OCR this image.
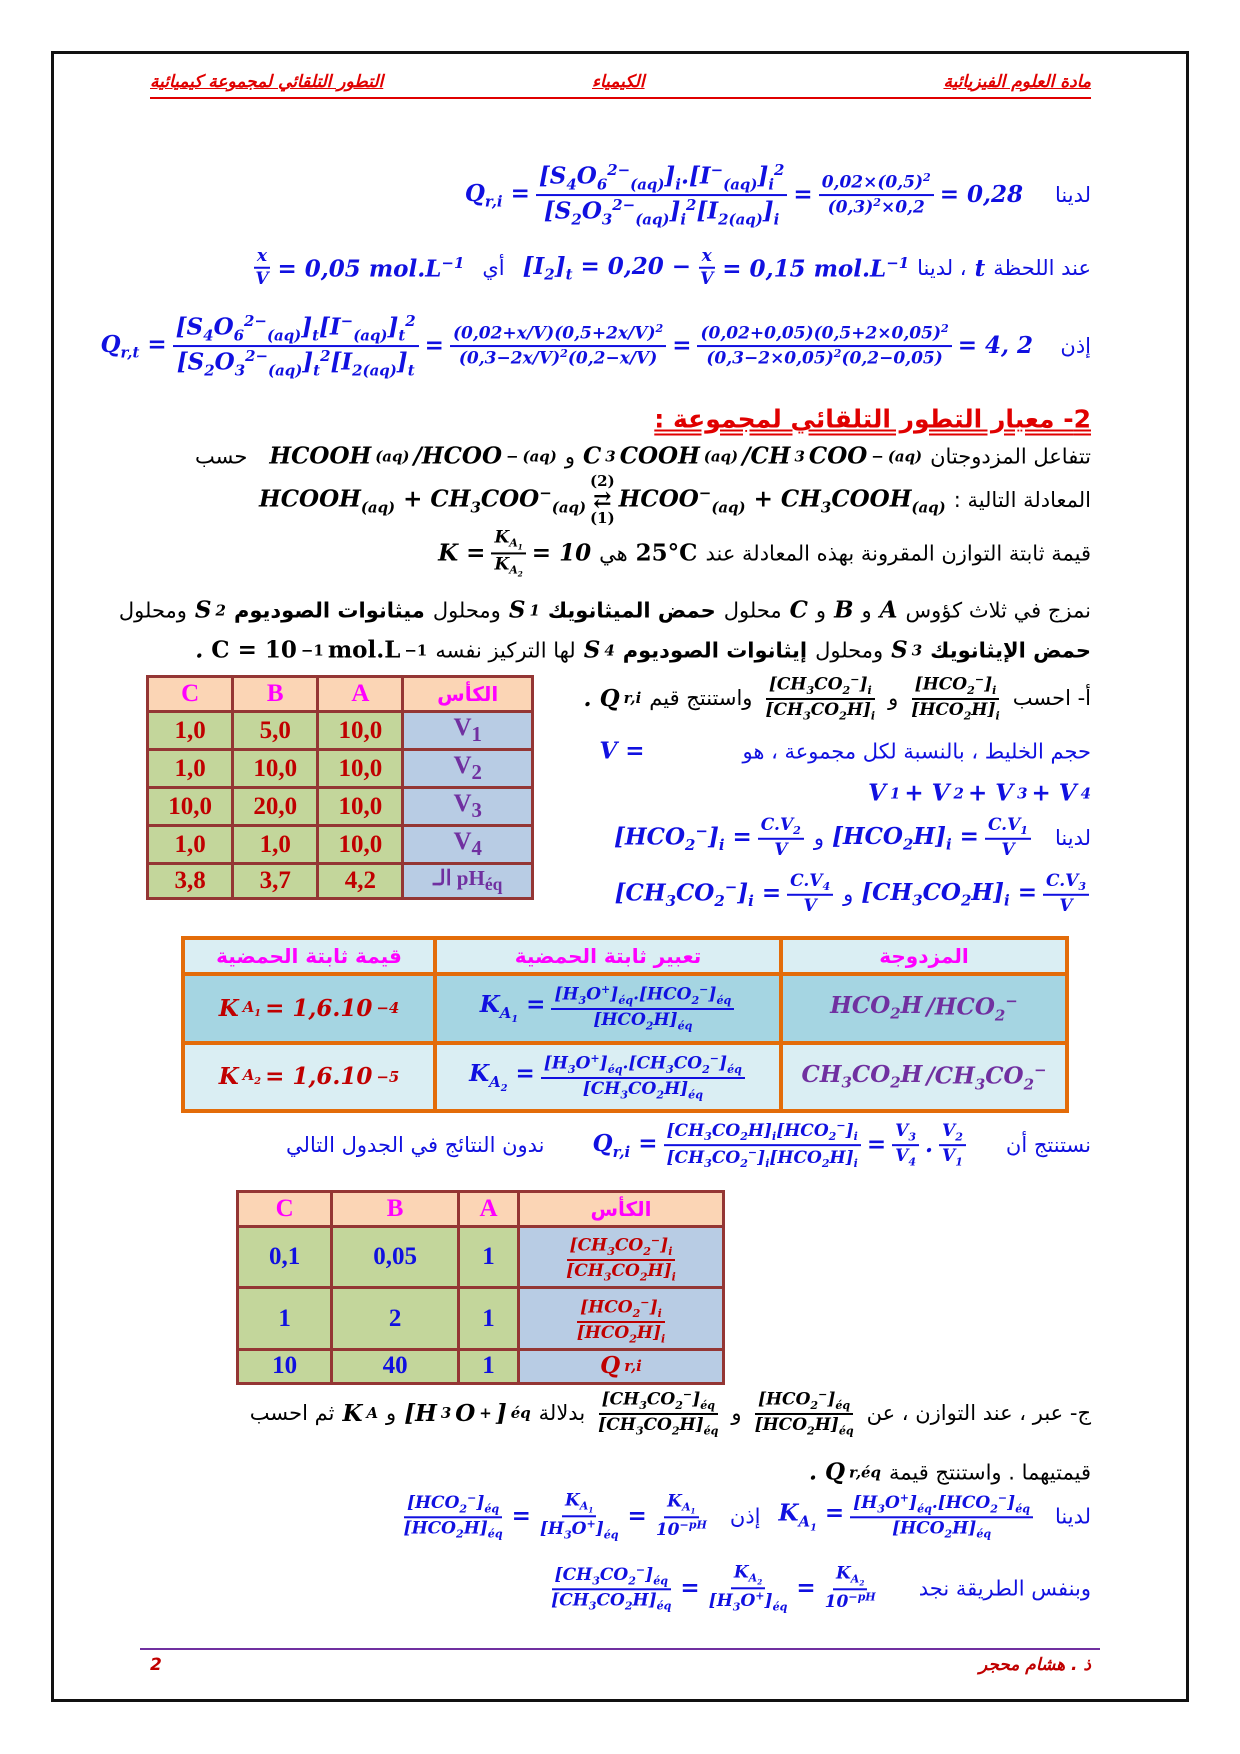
مادة العلوم الفيزيائية
الكيمياء
التطور التلقائي لمجموعة كيميائية
لدينا
$Q_{r,i} = \frac{[S_4O_6^{2-}_{(aq)}]_i.[I^-_{(aq)}]_i^2}{[S_2O_3^{2-}_{(aq)}]_i^2[I_{2(aq)}]_i} = \frac{0,02\times(0,5)^2}{(0,3)^2\times 0,2} = 0,28$
عند اللحظة
t
، لدينا
$[I_2]_t = 0,20 - \frac{x}{V} = 0,15$ $mol.L^{-1}$
أي
$\frac{x}{V} = 0,05$ $mol.L^{-1}$
إذن
$Q_{r,t} = \frac{[S_4O_6^{2-}_{(aq)}]_t[I^-_{(aq)}]_t^2}{[S_2O_3^{2-}_{(aq)}]_t^2[I_{2(aq)}]_t} = \frac{(0,02+x/V)(0,5+2x/V)^2}{(0,3-2x/V)^2(0,2-x/V)} = \frac{(0,02+0,05)(0,5+2\times 0,05)^2}{(0,3-2\times 0,05)^2(0,2-0,05)} = 4$, 2
2- معيار التطور التلقائي لمجموعة :
تتفاعل المزدوجتان
C 3 COOH (aq) /CH 3 COO − (aq)
و
HCOOH (aq) /HCOO − (aq)
حسب
المعادلة التالية :
$HCOOH_{(aq)} + CH_3COO^-_{(aq)}$
(2)
⇄
(1)
$HCOO^-_{(aq)}$ + $CH_3COOH_{(aq)}$
قيمة ثابتة التوازن المقرونة بهذه المعادلة عند
25°C
هي
$K = \frac{K_{A_1}}{K_{A_2}} = 10$
نمزج في ثلاث كؤوس
A
و
B
و
C
محلول
حمض الميثانويك
S 1
ومحلول
ميثانوات الصوديوم
S 2
ومحلول
حمض الإيثانويك
S 3
ومحلول
إيثانوات الصوديوم
S 4
لها التركيز نفسه
C = 10 −1 mol.L −1
.
الكأس	A	B	C
$V_1$	10,0	5,0	1,0
$V_2$	10,0	10,0	1,0
$V_3$	10,0	20,0	10,0
$V_4$	10,0	1,0	1,0
$pH_{éq}$ الـ	4,2	3,7	3,8
أ- احسب
$\frac{[HCO_2^-]_i}{[HCO_2H]_i}$
و
$\frac{[CH_3CO_2^-]_i}{[CH_3CO_2H]_i}$
واستنتج قيم
Q r,i
.
حجم الخليط ، بالنسبة لكل مجموعة ، هو
V =
V 1 + V 2 + V 3 + V 4
لدينا
$[HCO_2H]_i = \frac{C.V_1}{V}$
و
$[HCO_2^-]_i = \frac{C.V_2}{V}$
$[CH_3CO_2H]_i = \frac{C.V_3}{V}$
و
$[CH_3CO_2^-]_i = \frac{C.V_4}{V}$
المزدوجة	تعبير ثابتة الحمضية	قيمة ثابتة الحمضية

$HCO_2H$ $/HCO_2^-$	$K_{A_1} = \frac{[H_3O^+]_{éq}.[HCO_2^-]_{éq}}{[HCO_2H]_{éq}}$	K $A_1 = 1,6.10 -4$

$CH_3CO_2H$ $/CH_3CO_2^-$	$K_{A_2} = \frac{[H_3O^+]_{éq}.[CH_3CO_2^-]_{éq}}{[CH_3CO_2H]_{éq}}$	K $A_2 = 1,6.10 -5$
نستنتج أن
$Q_{r,i} = \frac{[CH_3CO_2H]_i[HCO_2^-]_i}{[CH_3CO_2^-]_i[HCO_2H]_i} = \frac{V_3}{V_4}$ . $\frac{V_2}{V_1}$
ندون النتائج في الجدول التالي
الكأس	A	B	C

$\frac{[CH_3CO_2^-]_i}{[CH_3CO_2H]_i}$	1	0,05	0,1

$\frac{[HCO_2^-]_i}{[HCO_2H]_i}$	1	2	1
Q r,i	1	40	10
ج- عبر ، عند التوازن ، عن
$\frac{[HCO_2^-]_{éq}}{[HCO_2H]_{éq}}$
و
$\frac{[CH_3CO_2^-]_{éq}}{[CH_3CO_2H]_{éq}}$
بدلالة
[H 3 O + ] éq
و
K A
ثم احسب
قيمتيهما . واستنتج قيمة
Q r,éq
.
لدينا
$K_{A_1} = \frac{[H_3O^+]_{éq}.[HCO_2^-]_{éq}}{[HCO_2H]_{éq}}$
إذن
$\frac{[HCO_2^-]_{éq}}{[HCO_2H]_{éq}} = \frac{K_{A_1}}{[H_3O^+]_{éq}} = \frac{K_{A_1}}{10^{-pH}}$
وبنفس الطريقة نجد
$\frac{[CH_3CO_2^-]_{éq}}{[CH_3CO_2H]_{éq}} = \frac{K_{A_2}}{[H_3O^+]_{éq}} = \frac{K_{A_2}}{10^{-pH}}$
ذ . هشام محجر
2
